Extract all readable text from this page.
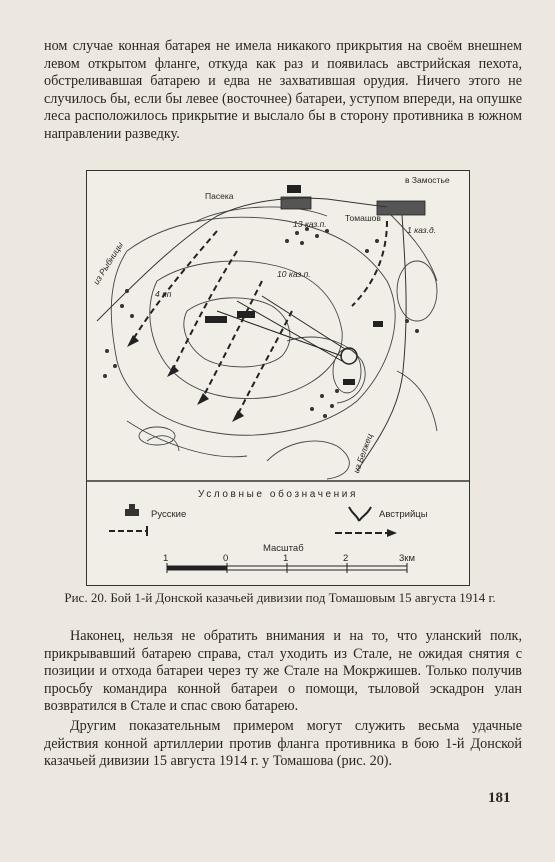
ном случае конная батарея не имела никакого прикрытия на своём внешнем левом открытом фланге, откуда как раз и появилась австрийская пехота, обстреливавшая батарею и едва не захватившая орудия. Ничего этого не случилось бы, если бы левее (восточнее) батареи, уступом впереди, на опушке леса расположилось прикрытие и выслало бы в сторону противника в южном направлении разведку.

в Замостье
Пасека
Томашов
13 каз.п.
10 каз.п.
1 каз.д.
4 пп
из Рыбницы
из Белжец
Условные обозначения
Русские	Австрийцы
Масштаб
1	0	1	2	3км
Рис. 20. Бой 1-й Донской казачьей дивизии под Томашовым 15 августа 1914 г.

Наконец, нельзя не обратить внимания и на то, что уланский полк, прикрывавший батарею справа, стал уходить из Стале, не ожидая снятия с позиции и отхода батареи через ту же Стале на Мокржишев. Только получив просьбу командира конной батареи о помощи, тыловой эскадрон улан возвратился в Стале и спас свою батарею.

Другим показательным примером могут служить весьма удачные действия конной артиллерии против фланга противника в бою 1-й Донской казачьей дивизии 15 августа 1914 г. у Томашова (рис. 20).

181
